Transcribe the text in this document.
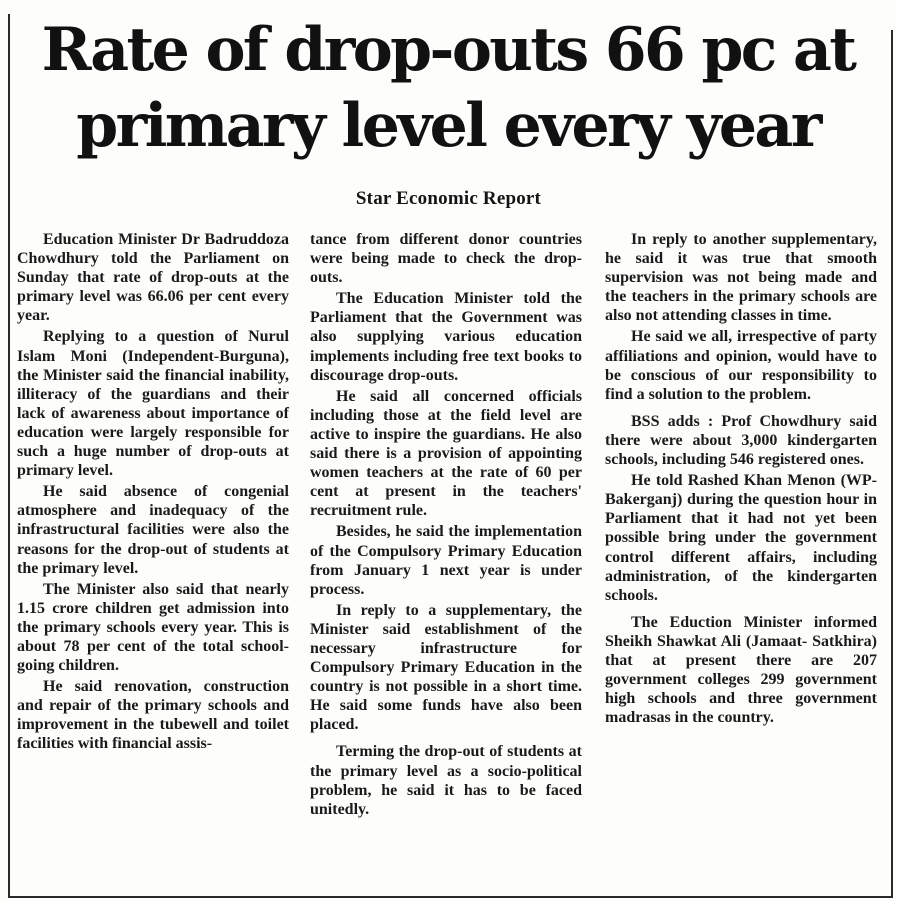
Rate of drop-outs 66 pc at
primary level every year
Star Economic Report

Education Minister Dr Badruddoza Chowdhury told the Parliament on Sunday that rate of drop-outs at the primary level was 66.06 per cent every year.

Replying to a question of Nurul Islam Moni (Independent-Burguna), the Minister said the financial inability, illiteracy of the guardians and their lack of awareness about importance of education were largely responsible for such a huge number of drop-outs at primary level.

He said absence of congenial atmosphere and inadequacy of the infrastructural facilities were also the reasons for the drop-out of students at the primary level.

The Minister also said that nearly 1.15 crore children get admission into the primary schools every year. This is about 78 per cent of the total school-going children.

He said renovation, construction and repair of the primary schools and improvement in the tubewell and toilet facilities with financial assis-

tance from different donor countries were being made to check the drop-outs.

The Education Minister told the Parliament that the Government was also supplying various education implements including free text books to discourage drop-outs.

He said all concerned officials including those at the field level are active to inspire the guardians. He also said there is a provision of appointing women teachers at the rate of 60 per cent at present in the teachers' recruitment rule.

Besides, he said the implementation of the Compulsory Primary Education from January 1 next year is under process.

In reply to a supplementary, the Minister said establishment of the necessary infrastructure for Compulsory Primary Education in the country is not possible in a short time. He said some funds have also been placed.

Terming the drop-out of students at the primary level as a socio-political problem, he said it has to be faced unitedly.

In reply to another supplementary, he said it was true that smooth supervision was not being made and the teachers in the primary schools are also not attending classes in time.

He said we all, irrespective of party affiliations and opinion, would have to be conscious of our responsibility to find a solution to the problem.

BSS adds : Prof Chowdhury said there were about 3,000 kindergarten schools, including 546 registered ones.

He told Rashed Khan Menon (WP- Bakerganj) during the question hour in Parliament that it had not yet been possible bring under the government control different affairs, including administration, of the kindergarten schools.

The Eduction Minister informed Sheikh Shawkat Ali (Jamaat- Satkhira) that at present there are 207 government colleges 299 government high schools and three government madrasas in the country.
